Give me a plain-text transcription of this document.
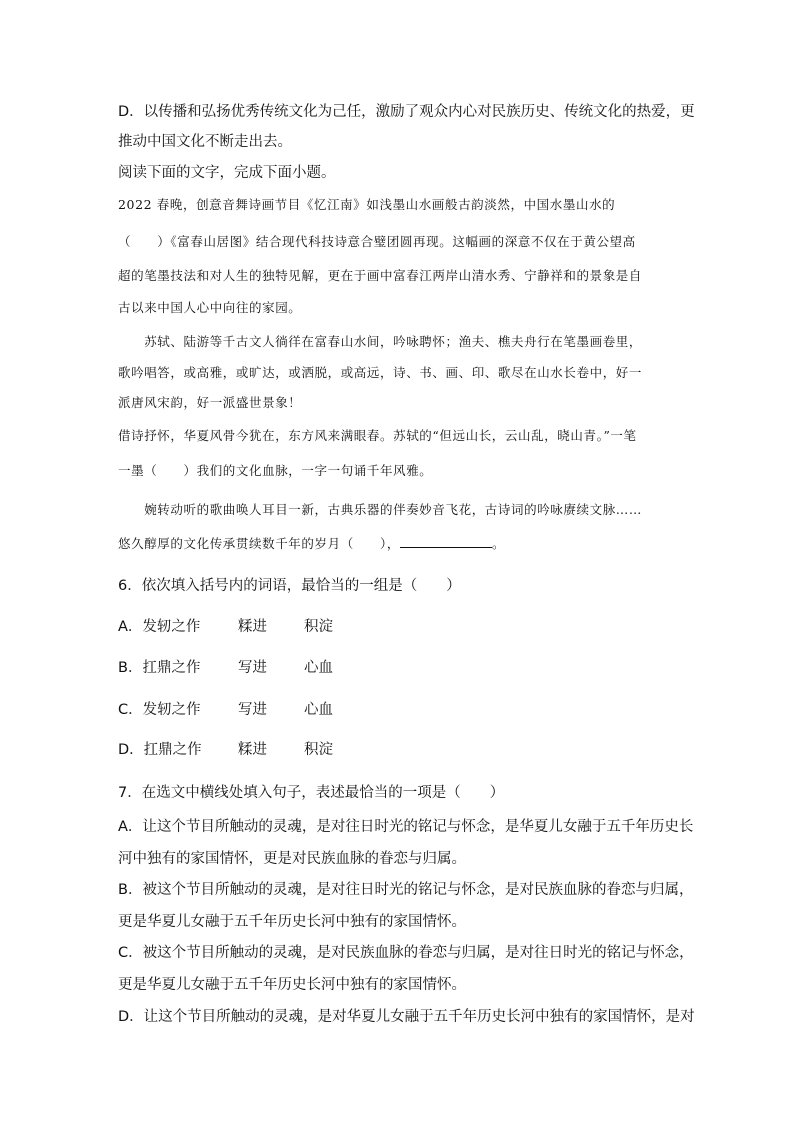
D．以传播和弘扬优秀传统文化为己任，激励了观众内心对民族历史、传统文化的热爱，更
推动中国文化不断走出去。
阅读下面的文字，完成下面小题。
2022 春晚，创意音舞诗画节目《忆江南》如浅墨山水画般古韵淡然，中国水墨山水的
（　　）《富春山居图》结合现代科技诗意合璧团圆再现。这幅画的深意不仅在于黄公望高
超的笔墨技法和对人生的独特见解，更在于画中富春江两岸山清水秀、宁静祥和的景象是自
古以来中国人心中向往的家园。
　　苏轼、陆游等千古文人徜徉在富春山水间，吟咏聘怀；渔夫、樵夫舟行在笔墨画卷里，
歌吟唱答，或高雅，或旷达，或洒脱，或高远，诗、书、画、印、歌尽在山水长卷中，好一
派唐风宋韵，好一派盛世景象！
借诗抒怀，华夏风骨今犹在，东方风来满眼春。苏轼的“但远山长，云山乱，晓山青。”一笔
一墨（　　）我们的文化血脉，一字一句诵千年风雅。
　　婉转动听的歌曲唤人耳目一新，古典乐器的伴奏妙音飞花，古诗词的吟咏赓续文脉……
悠久醇厚的文化传承贯续数千年的岁月（　　），	。
6．依次填入括号内的词语，最恰当的一组是（　　）
A．发轫之作	糅进	积淀
B．扛鼎之作	写进	心血
C．发轫之作	写进	心血
D．扛鼎之作	糅进	积淀
7．在选文中横线处填入句子，表述最恰当的一项是（　　）
A．让这个节目所触动的灵魂，是对往日时光的铭记与怀念，是华夏儿女融于五千年历史长
河中独有的家国情怀，更是对民族血脉的眷恋与归属。
B．被这个节目所触动的灵魂，是对往日时光的铭记与怀念，是对民族血脉的眷恋与归属，
更是华夏儿女融于五千年历史长河中独有的家国情怀。
C．被这个节目所触动的灵魂，是对民族血脉的眷恋与归属，是对往日时光的铭记与怀念，
更是华夏儿女融于五千年历史长河中独有的家国情怀。
D．让这个节目所触动的灵魂，是对华夏儿女融于五千年历史长河中独有的家国情怀，是对
